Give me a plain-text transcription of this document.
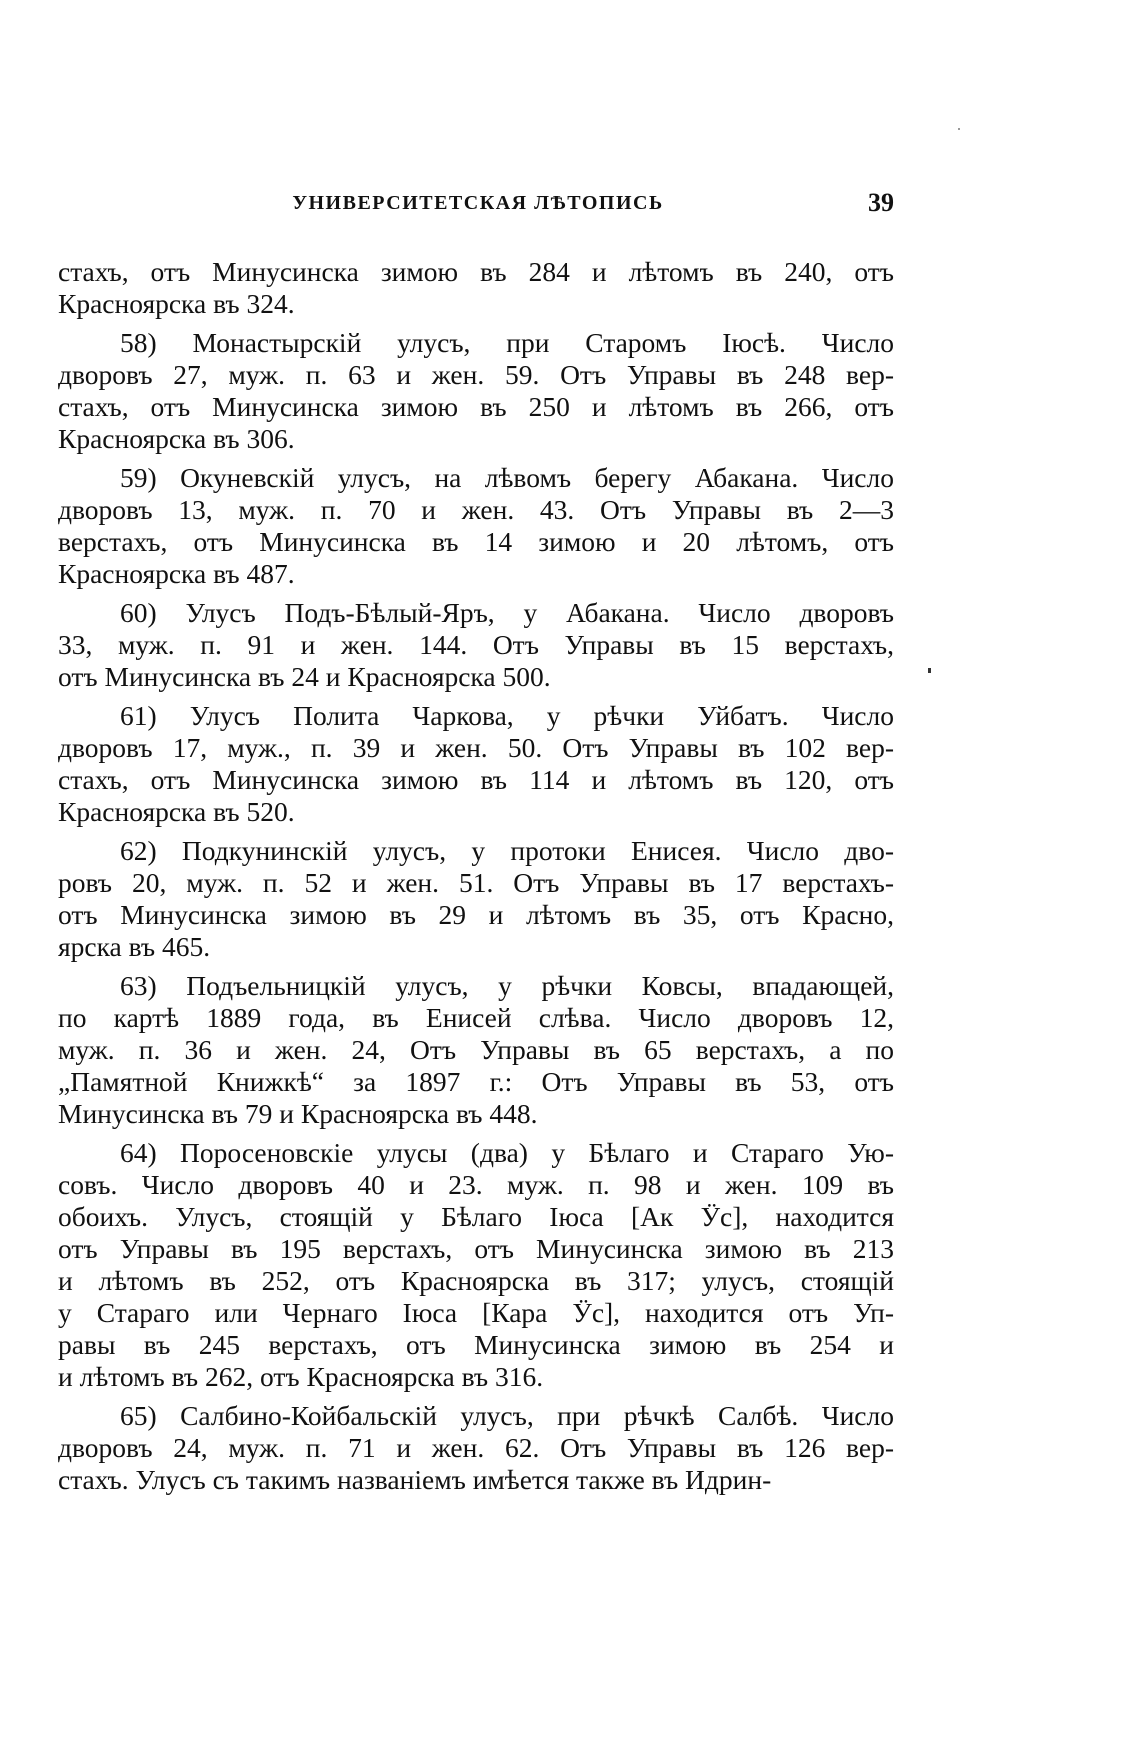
УНИВЕРСИТЕТСКАЯ ЛѢТОПИСЬ	39
стахъ, отъ Минусинска зимою въ 284 и лѣтомъ въ 240, отъ
Красноярска въ 324.
58) Монастырскій улусъ, при Старомъ Іюсѣ. Число
дворовъ 27, муж. п. 63 и жен. 59. Отъ Управы въ 248 вер-
стахъ, отъ Минусинска зимою въ 250 и лѣтомъ въ 266, отъ
Красноярска въ 306.
59) Окуневскій улусъ, на лѣвомъ берегу Абакана. Число
дворовъ 13, муж. п. 70 и жен. 43. Отъ Управы въ 2—3
верстахъ, отъ Минусинска въ 14 зимою и 20 лѣтомъ, отъ
Красноярска въ 487.
60) Улусъ Подъ-Бѣлый-Яръ, у Абакана. Число дворовъ
33, муж. п. 91 и жен. 144. Отъ Управы въ 15 верстахъ,
отъ Минусинска въ 24 и Красноярска 500.
61) Улусъ Полита Чаркова, у рѣчки Уйбатъ. Число
дворовъ 17, муж., п. 39 и жен. 50. Отъ Управы въ 102 вер-
стахъ, отъ Минусинска зимою въ 114 и лѣтомъ въ 120, отъ
Красноярска въ 520.
62) Подкунинскій улусъ, у протоки Енисея. Число дво-
ровъ 20, муж. п. 52 и жен. 51. Отъ Управы въ 17 верстахъ-
отъ Минусинска зимою въ 29 и лѣтомъ въ 35, отъ Красно,
ярска въ 465.
63) Подъельницкій улусъ, у рѣчки Ковсы, впадающей,
по картѣ 1889 года, въ Енисей слѣва. Число дворовъ 12,
муж. п. 36 и жен. 24, Отъ Управы въ 65 верстахъ, а по
„Памятной Книжкѣ“ за 1897 г.: Отъ Управы въ 53, отъ
Минусинска въ 79 и Красноярска въ 448.
64) Поросеновскіе улусы (два) у Бѣлаго и Стараго Ую-
совъ. Число дворовъ 40 и 23. муж. п. 98 и жен. 109 въ
обоихъ. Улусъ, стоящій у Бѣлаго Іюса [Ак Ӱс], находится
отъ Управы въ 195 верстахъ, отъ Минусинска зимою въ 213
и лѣтомъ въ 252, отъ Красноярска въ 317; улусъ, стоящій
у Стараго или Чернаго Іюса [Кара Ӱс], находится отъ Уп-
равы въ 245 верстахъ, отъ Минусинска зимою въ 254 и
и лѣтомъ въ 262, отъ Красноярска въ 316.
65) Салбино-Койбальскій улусъ, при рѣчкѣ Салбѣ. Число
дворовъ 24, муж. п. 71 и жен. 62. Отъ Управы въ 126 вер-
стахъ. Улусъ съ такимъ названіемъ имѣется также въ Идрин-
